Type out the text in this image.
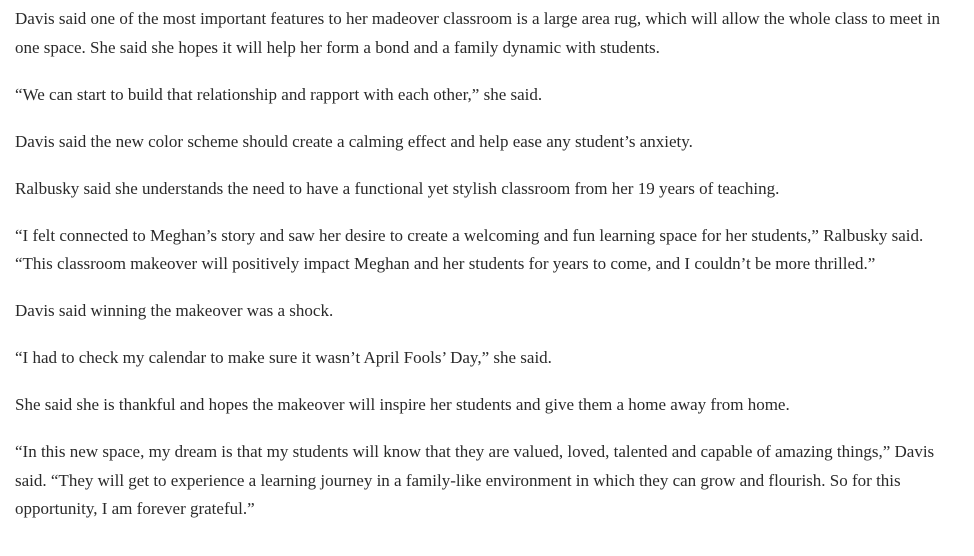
Davis said one of the most important features to her madeover classroom is a large area rug, which will allow the whole class to meet in one space. She said she hopes it will help her form a bond and a family dynamic with students.

“We can start to build that relationship and rapport with each other,” she said.

Davis said the new color scheme should create a calming effect and help ease any student’s anxiety.

Ralbusky said she understands the need to have a functional yet stylish classroom from her 19 years of teaching.

“I felt connected to Meghan’s story and saw her desire to create a welcoming and fun learning space for her students,” Ralbusky said. “This classroom makeover will positively impact Meghan and her students for years to come, and I couldn’t be more thrilled.”

Davis said winning the makeover was a shock.

“I had to check my calendar to make sure it wasn’t April Fools’ Day,” she said.

She said she is thankful and hopes the makeover will inspire her students and give them a home away from home.

“In this new space, my dream is that my students will know that they are valued, loved, talented and capable of amazing things,” Davis said. “They will get to experience a learning journey in a family-like environment in which they can grow and flourish. So for this opportunity, I am forever grateful.”
